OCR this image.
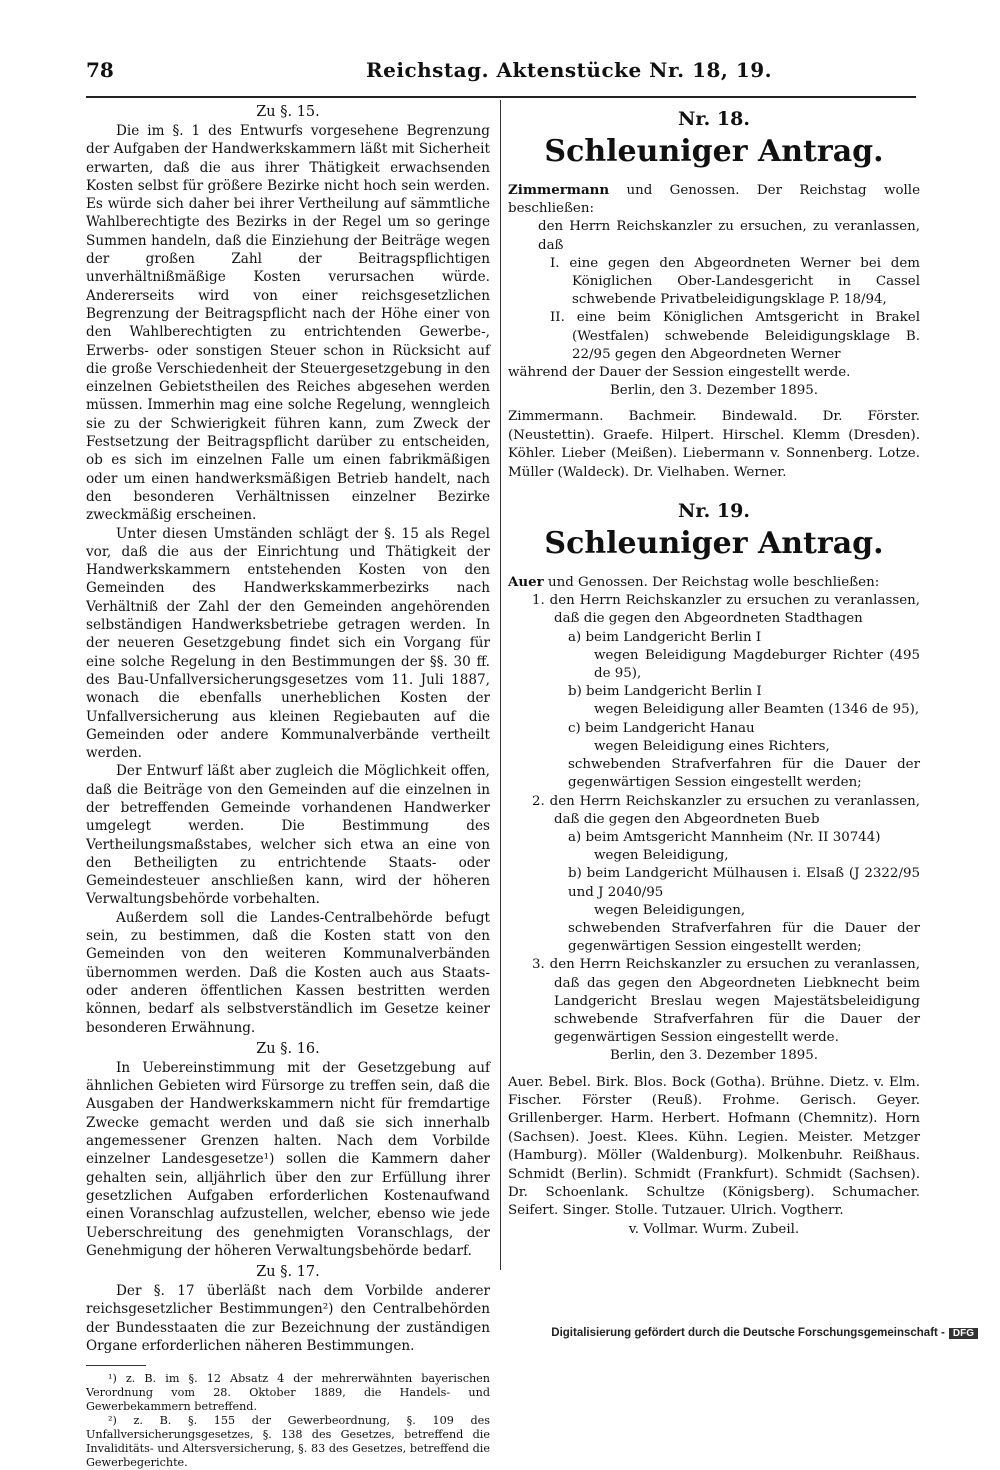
78	Reichstag. Aktenstücke Nr. 18, 19.
Zu §. 15.

Die im §. 1 des Entwurfs vorgesehene Begrenzung der Aufgaben der Handwerkskammern läßt mit Sicherheit erwarten, daß die aus ihrer Thätigkeit erwachsenden Kosten selbst für größere Bezirke nicht hoch sein werden. Es würde sich daher bei ihrer Vertheilung auf sämmtliche Wahlberechtigte des Bezirks in der Regel um so geringe Summen handeln, daß die Einziehung der Beiträge wegen der großen Zahl der Beitragspflichtigen unverhältnißmäßige Kosten verursachen würde. Andererseits wird von einer reichsgesetzlichen Begrenzung der Beitragspflicht nach der Höhe einer von den Wahlberechtigten zu entrichtenden Gewerbe-, Erwerbs- oder sonstigen Steuer schon in Rücksicht auf die große Verschiedenheit der Steuergesetzgebung in den einzelnen Gebietstheilen des Reiches abgesehen werden müssen. Immerhin mag eine solche Regelung, wenngleich sie zu der Schwierigkeit führen kann, zum Zweck der Festsetzung der Beitragspflicht darüber zu entscheiden, ob es sich im einzelnen Falle um einen fabrikmäßigen oder um einen handwerksmäßigen Betrieb handelt, nach den besonderen Verhältnissen einzelner Bezirke zweckmäßig erscheinen.

Unter diesen Umständen schlägt der §. 15 als Regel vor, daß die aus der Einrichtung und Thätigkeit der Handwerkskammern entstehenden Kosten von den Gemeinden des Handwerkskammerbezirks nach Verhältniß der Zahl der den Gemeinden angehörenden selbständigen Handwerksbetriebe getragen werden. In der neueren Gesetzgebung findet sich ein Vorgang für eine solche Regelung in den Bestimmungen der §§. 30 ff. des Bau-Unfallversicherungsgesetzes vom 11. Juli 1887, wonach die ebenfalls unerheblichen Kosten der Unfallversicherung aus kleinen Regiebauten auf die Gemeinden oder andere Kommunalverbände vertheilt werden.

Der Entwurf läßt aber zugleich die Möglichkeit offen, daß die Beiträge von den Gemeinden auf die einzelnen in der betreffenden Gemeinde vorhandenen Handwerker umgelegt werden. Die Bestimmung des Vertheilungsmaßstabes, welcher sich etwa an eine von den Betheiligten zu entrichtende Staats- oder Gemeindesteuer anschließen kann, wird der höheren Verwaltungsbehörde vorbehalten.

Außerdem soll die Landes-Centralbehörde befugt sein, zu bestimmen, daß die Kosten statt von den Gemeinden von den weiteren Kommunalverbänden übernommen werden. Daß die Kosten auch aus Staats- oder anderen öffentlichen Kassen bestritten werden können, bedarf als selbstverständlich im Gesetze keiner besonderen Erwähnung.

Zu §. 16.

In Uebereinstimmung mit der Gesetzgebung auf ähnlichen Gebieten wird Fürsorge zu treffen sein, daß die Ausgaben der Handwerkskammern nicht für fremdartige Zwecke gemacht werden und daß sie sich innerhalb angemessener Grenzen halten. Nach dem Vorbilde einzelner Landesgesetze¹) sollen die Kammern daher gehalten sein, alljährlich über den zur Erfüllung ihrer gesetzlichen Aufgaben erforderlichen Kostenaufwand einen Voranschlag aufzustellen, welcher, ebenso wie jede Ueberschreitung des genehmigten Voranschlags, der Genehmigung der höheren Verwaltungsbehörde bedarf.

Zu §. 17.

Der §. 17 überläßt nach dem Vorbilde anderer reichsgesetzlicher Bestimmungen²) den Centralbehörden der Bundesstaaten die zur Bezeichnung der zuständigen Organe erforderlichen näheren Bestimmungen.

¹) z. B. im §. 12 Absatz 4 der mehrerwähnten bayerischen Verordnung vom 28. Oktober 1889, die Handels- und Gewerbekammern betreffend.

²) z. B. §. 155 der Gewerbeordnung, §. 109 des Unfallversicherungsgesetzes, §. 138 des Gesetzes, betreffend die Invaliditäts- und Altersversicherung, §. 83 des Gesetzes, betreffend die Gewerbegerichte.

Nr. 18.
Schleuniger Antrag.

Zimmermann und Genossen. Der Reichstag wolle beschließen:

den Herrn Reichskanzler zu ersuchen, zu veranlassen, daß

I. eine gegen den Abgeordneten Werner bei dem Königlichen Ober-Landesgericht in Cassel schwebende Privatbeleidigungsklage P. 18/94,

II. eine beim Königlichen Amtsgericht in Brakel (Westfalen) schwebende Beleidigungsklage B. 22/95 gegen den Abgeordneten Werner

während der Dauer der Session eingestellt werde.

Berlin, den 3. Dezember 1895.

Zimmermann. Bachmeir. Bindewald. Dr. Förster. (Neustettin). Graefe. Hilpert. Hirschel. Klemm (Dresden). Köhler. Lieber (Meißen). Liebermann v. Sonnenberg. Lotze. Müller (Waldeck). Dr. Vielhaben. Werner.

Nr. 19.
Schleuniger Antrag.

Auer und Genossen. Der Reichstag wolle beschließen:

1. den Herrn Reichskanzler zu ersuchen zu veranlassen, daß die gegen den Abgeordneten Stadthagen

a) beim Landgericht Berlin I

wegen Beleidigung Magdeburger Richter (495 de 95),

b) beim Landgericht Berlin I

wegen Beleidigung aller Beamten (1346 de 95),

c) beim Landgericht Hanau

wegen Beleidigung eines Richters,

schwebenden Strafverfahren für die Dauer der gegenwärtigen Session eingestellt werden;

2. den Herrn Reichskanzler zu ersuchen zu veranlassen, daß die gegen den Abgeordneten Bueb

a) beim Amtsgericht Mannheim (Nr. II 30744)

wegen Beleidigung,

b) beim Landgericht Mülhausen i. Elsaß (J 2322/95 und J 2040/95

wegen Beleidigungen,

schwebenden Strafverfahren für die Dauer der gegenwärtigen Session eingestellt werden;

3. den Herrn Reichskanzler zu ersuchen zu veranlassen, daß das gegen den Abgeordneten Liebknecht beim Landgericht Breslau wegen Majestätsbeleidigung schwebende Strafverfahren für die Dauer der gegenwärtigen Session eingestellt werde.

Berlin, den 3. Dezember 1895.

Auer. Bebel. Birk. Blos. Bock (Gotha). Brühne. Dietz. v. Elm. Fischer. Förster (Reuß). Frohme. Gerisch. Geyer. Grillenberger. Harm. Herbert. Hofmann (Chemnitz). Horn (Sachsen). Joest. Klees. Kühn. Legien. Meister. Metzger (Hamburg). Möller (Waldenburg). Molkenbuhr. Reißhaus. Schmidt (Berlin). Schmidt (Frankfurt). Schmidt (Sachsen). Dr. Schoenlank. Schultze (Königsberg). Schumacher. Seifert. Singer. Stolle. Tutzauer. Ulrich. Vogtherr.

v. Vollmar. Wurm. Zubeil.

Digitalisierung gefördert durch die Deutsche Forschungsgemeinschaft - DFG
